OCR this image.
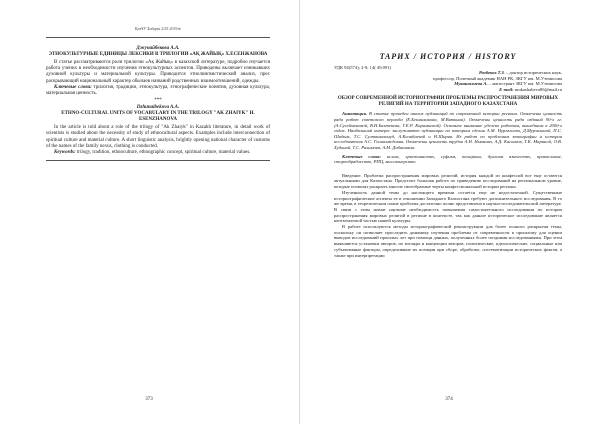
ҚазҰУ Хабары 2/25 2019ж
Джунайбекова А.А.
ЭТНОКУЛЬТУРНЫЕ ЕДИНИЦЫ ЛЕКСИКИ В ТРИЛОГИИ «АҚ ЖАЙЫҚ» Х.ЕСЕНЖАНОВА

В статье рассматриваются роли трилогии «Ақ Жайық» в казахской литературе, подробно изучается работа учених в необходимости изучения этнокультурных аспектов. Приводены включает изникавших духовной культуры и материальной культуры. Приводится этнолингвистический анализ, прес раскрывающий национальный характер обычаев названий родственных взаимоотношений, одежды.

Ключевые слова: трилогия, традиции, этнокультура, этнографические понятия, духовная культура, материальная ценность.

***
Dzhunaibekova A.A.
ETHNO-CULTURAL UNITS OF VOCABULARY IN THE TRILOGY "AK ZHAIYK" H. ESENZHANOVA

In the article is told about a role of the trilogy of "Ak Zhaiyk" in Kazakh literature, in detail work of scientists is studied about the necessity of study of ethnocultural aspects. Examples include interconnection of spiritual culture and material culture. A short linguistic analysis, brightly opening national character of customs of the names of the family nexus, clothing is conducted.

Keywords: trilogy, tradition, ethnoculture, ethnographic concept, spiritual culture, material values.

373
ТАРИХ / ИСТОРИЯ / HISTORY
УДК 94(574); 2-9; 14( 49.091)
Разбеков Т.З. – доктор исторических наук,
профессор, Почетный академик НАН РК, ЗКГУ им. М.Утемисова
Мукашалиева А. – магистрант ЗКГУ им. М.Утемисова
E-mail: mukashalieva86@mail.ru
ОБЗОР СОВРЕМЕННОЙ ИСТОРИОГРАФИИ ПРОБЛЕМЫ РАСПРОСТРАНЕНИЯ МИРОВЫХ РЕЛИГИЙ НА ТЕРРИТОРИИ ЗАПАДНОГО КАЗАХСТАНА

Аннотация. В статье проведен анализ публикаций по современной истории региона. Отмечены ценность ряда работ советского периода (Е.Бекмаханова, М.Вяткина). Отмечены ценность ряда изданий 90-х гг. (А.Сулейменовой, В.Н.Бахтенева, Г.Е.Р. Карамиевой). Основное внимание уделено работам, вышедшим в 2000-х годах. Наибольший интерес заслуживают публикации по которым сделан А.М. Нургалиева, Д.Мурзалиной, П.С. Шадым, Т.С. Султанмахмуд, А.Калибаевой и Н.Ширяя. Из работ по проблемам этнографии и истории исследователя А.С. Галиахмедовна. Отмечены ценность трудов А.Н. Иманова, А.Д. Касымов, Т.К. Мариной, О.В. Худиной, Т.С. Рахимова, А.М. Дибашвили.

Ключевые слова: ислам, христианство, суфизм, тенгриан, дуализм язычество, православие, старообрядчество, РПЦ, миссионерство.

Введение. Проблема распространения мировых религий, история каждой из конфессий все еще остаются актуальными для Казахстана. Предстоит большая работа по приведению исследований на региональном уровне, которые позволят раскрыть многие своеобразные черты конфессиональной истории региона.

Изученность данной темы до настоящего времени остается еще не недостаточной. Существенные историографические аспекты ее в отношении Западного Казахстана требуют дополнительного исследования. В то же время, в теоретическом плане проблема достаточно полно представлена в научно-исследовательской литературе. В связи с этим новые научные необходимость повышения самостоятельного исследования по истории распространения мировых религий в регионе в контексте, так как данное историческое исследование является неотъемлемой частью нашей культуры.

В работе используются методы историографической реконструкции для более полного раскрытия темы, поскольку он позволяет проследить динамику изучения проблемы от современности к прошлому для оценки выводов исследований прошлых лет при помощи данных, полученных более поздними исследованиями. При этом выявляются установки авторов, их взгляды и концепции авторов, политические, идеологические, социальные или субъективные факторы, определившие их позиции при сборе, обработке, систематизации исторических фактов, а также при интерпретации

374
